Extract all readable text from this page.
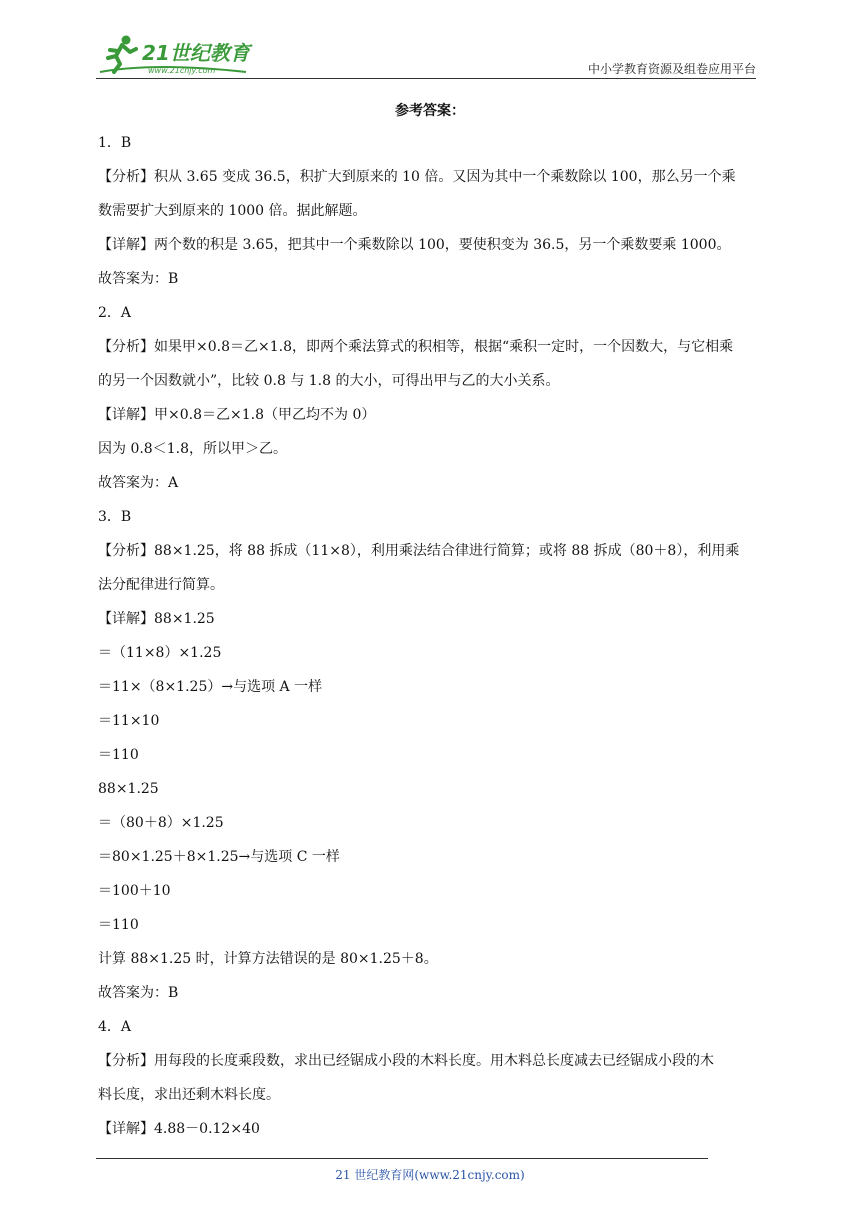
21世纪教育
www.21cnjy.com	中小学教育资源及组卷应用平台
参考答案：
1．B
【分析】积从 3.65 变成 36.5，积扩大到原来的 10 倍。又因为其中一个乘数除以 100，那么另一个乘
数需要扩大到原来的 1000 倍。据此解题。
【详解】两个数的积是 3.65，把其中一个乘数除以 100，要使积变为 36.5，另一个乘数要乘 1000。
故答案为：B
2．A
【分析】如果甲×0.8＝乙×1.8，即两个乘法算式的积相等，根据“乘积一定时，一个因数大，与它相乘
的另一个因数就小”，比较 0.8 与 1.8 的大小，可得出甲与乙的大小关系。
【详解】甲×0.8＝乙×1.8（甲乙均不为 0）
因为 0.8＜1.8，所以甲＞乙。
故答案为：A
3．B
【分析】88×1.25，将 88 拆成（11×8），利用乘法结合律进行简算；或将 88 拆成（80＋8），利用乘
法分配律进行简算。
【详解】88×1.25
＝（11×8）×1.25
＝11×（8×1.25）→与选项 A 一样
＝11×10
＝110
88×1.25
＝（80＋8）×1.25
＝80×1.25＋8×1.25→与选项 C 一样
＝100＋10
＝110
计算 88×1.25 时，计算方法错误的是 80×1.25＋8。
故答案为：B
4．A
【分析】用每段的长度乘段数，求出已经锯成小段的木料长度。用木料总长度减去已经锯成小段的木
料长度，求出还剩木料长度。
【详解】4.88－0.12×40
21 世纪教育网(www.21cnjy.com)
